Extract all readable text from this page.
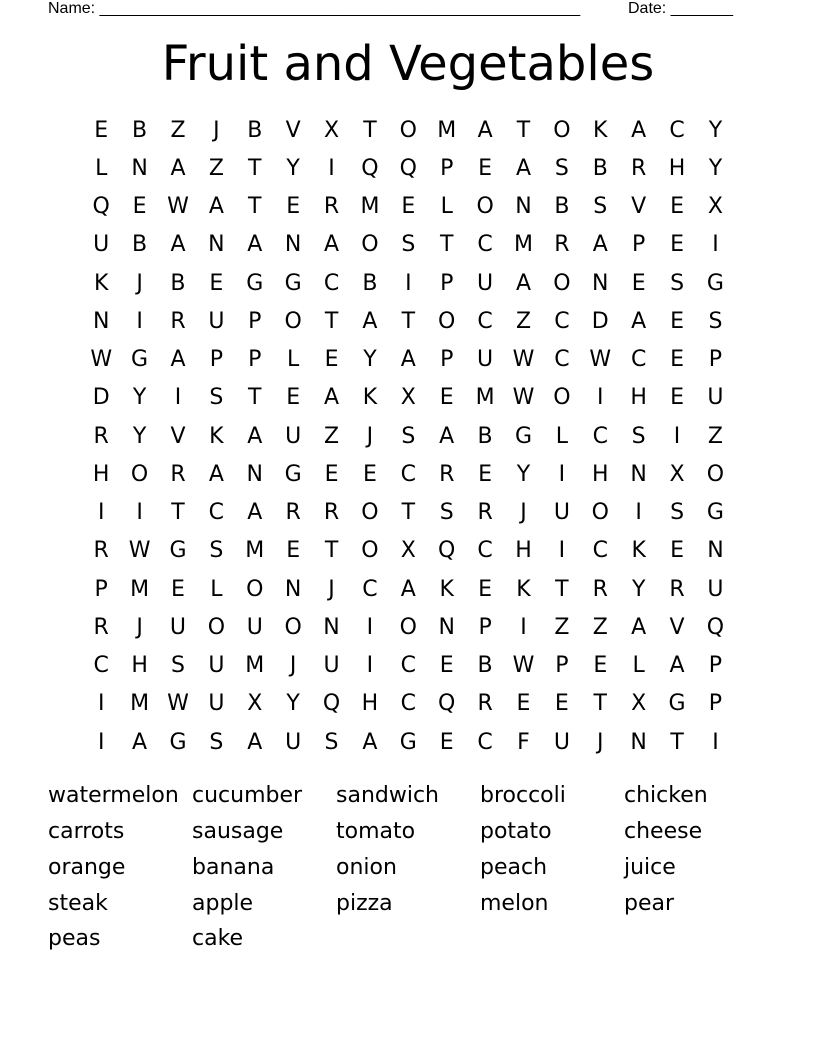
Name: ______________________________________________________	Date: _______
Fruit and Vegetables
E	B	Z	J	B	V	X	T	O M A	T	O	K	A	C	Y
L	N	A	Z	T	Y	I	Q Q	P	E	A	S	B	R	H	Y
Q	E W A	T	E	R M E	L	O N	B	S	V	E	X
U	B	A	N	A	N	A	O	S	T	C M R	A	P	E	I
K	J	B	E	G G	C	B	I	P	U	A	O N	E	S	G
N	I	R	U	P	O	T	A	T	O	C	Z	C	D	A	E	S
W G	A	P	P	L	E	Y	A	P	U W C W C	E	P
D	Y	I	S	T	E	A	K	X	E M W O	I	H	E	U
R	Y	V	K	A	U	Z	J	S	A	B	G	L	C	S	I	Z
H O	R	A	N G	E	E	C	R	E	Y	I	H N	X	O
I	I	T	C	A	R	R	O	T	S	R	J	U O	I	S	G
R W G	S M E	T	O	X	Q	C	H	I	C	K	E	N
P	M E	L	O N	J	C	A	K	E	K	T	R	Y	R	U
R	J	U O U O N	I	O N	P	I	Z	Z	A	V	Q
C	H	S	U M	J	U	I	C	E	B W P	E	L	A	P
I	M W U	X	Y	Q H	C	Q	R	E	E	T	X	G	P
I	A	G	S	A	U	S	A	G	E	C	F	U	J	N	T	I
watermelon cucumber	sandwich	broccoli	chicken
carrots	sausage	tomato	potato	cheese
orange	banana	onion	peach	juice
steak	apple	pizza	melon	pear
peas	cake
